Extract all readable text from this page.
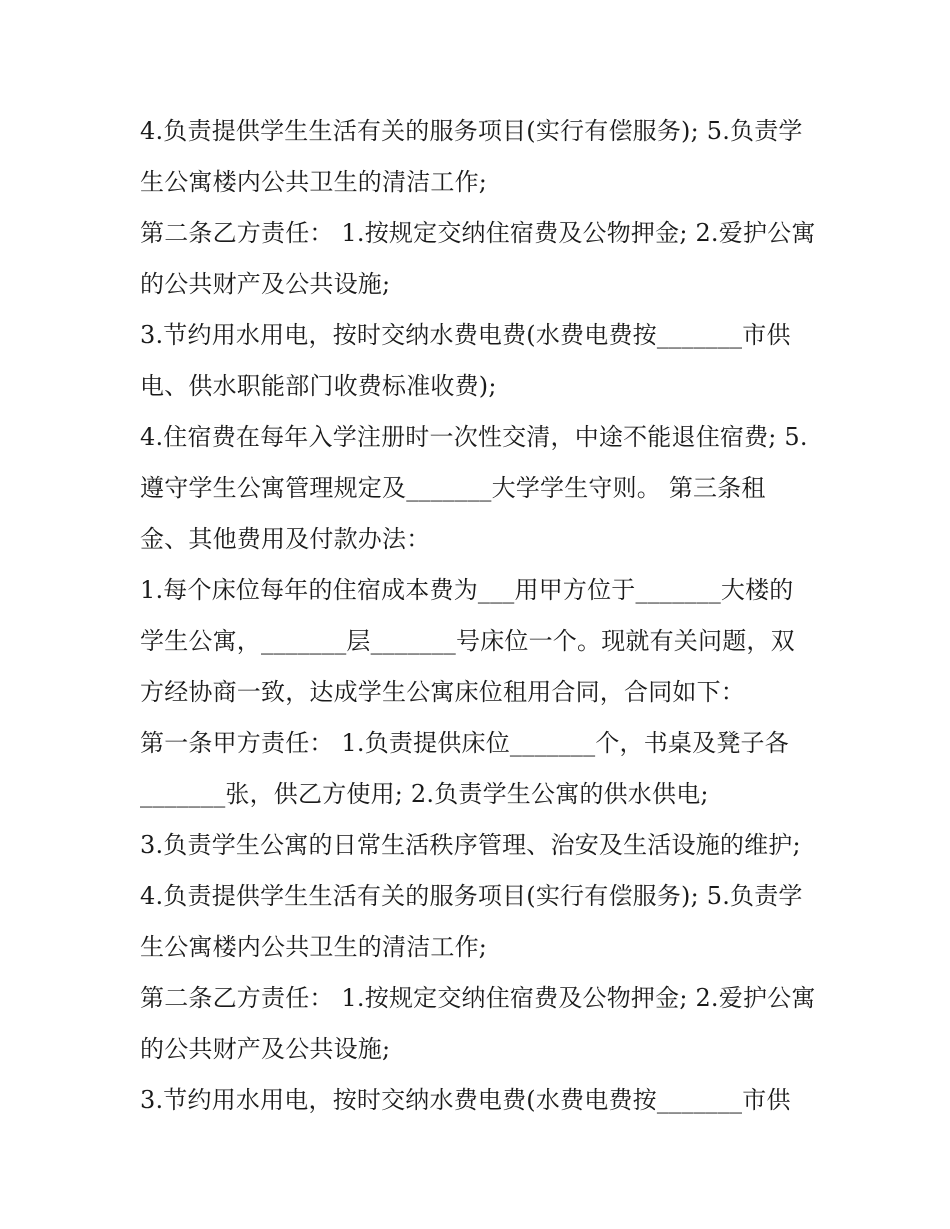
4.负责提供学生生活有关的服务项目(实行有偿服务); 5.负责学
生公寓楼内公共卫生的清洁工作;
第二条乙方责任： 1.按规定交纳住宿费及公物押金; 2.爱护公寓
的公共财产及公共设施;
3.节约用水用电，按时交纳水费电费(水费电费按_______市供
电、供水职能部门收费标准收费);
4.住宿费在每年入学注册时一次性交清，中途不能退住宿费; 5.
遵守学生公寓管理规定及_______大学学生守则。 第三条租
金、其他费用及付款办法：
1.每个床位每年的住宿成本费为___用甲方位于_______大楼的
学生公寓，_______层_______号床位一个。现就有关问题，双
方经协商一致，达成学生公寓床位租用合同，合同如下：
第一条甲方责任： 1.负责提供床位_______个，书桌及凳子各
_______张，供乙方使用; 2.负责学生公寓的供水供电;
3.负责学生公寓的日常生活秩序管理、治安及生活设施的维护;
4.负责提供学生生活有关的服务项目(实行有偿服务); 5.负责学
生公寓楼内公共卫生的清洁工作;
第二条乙方责任： 1.按规定交纳住宿费及公物押金; 2.爱护公寓
的公共财产及公共设施;
3.节约用水用电，按时交纳水费电费(水费电费按_______市供
